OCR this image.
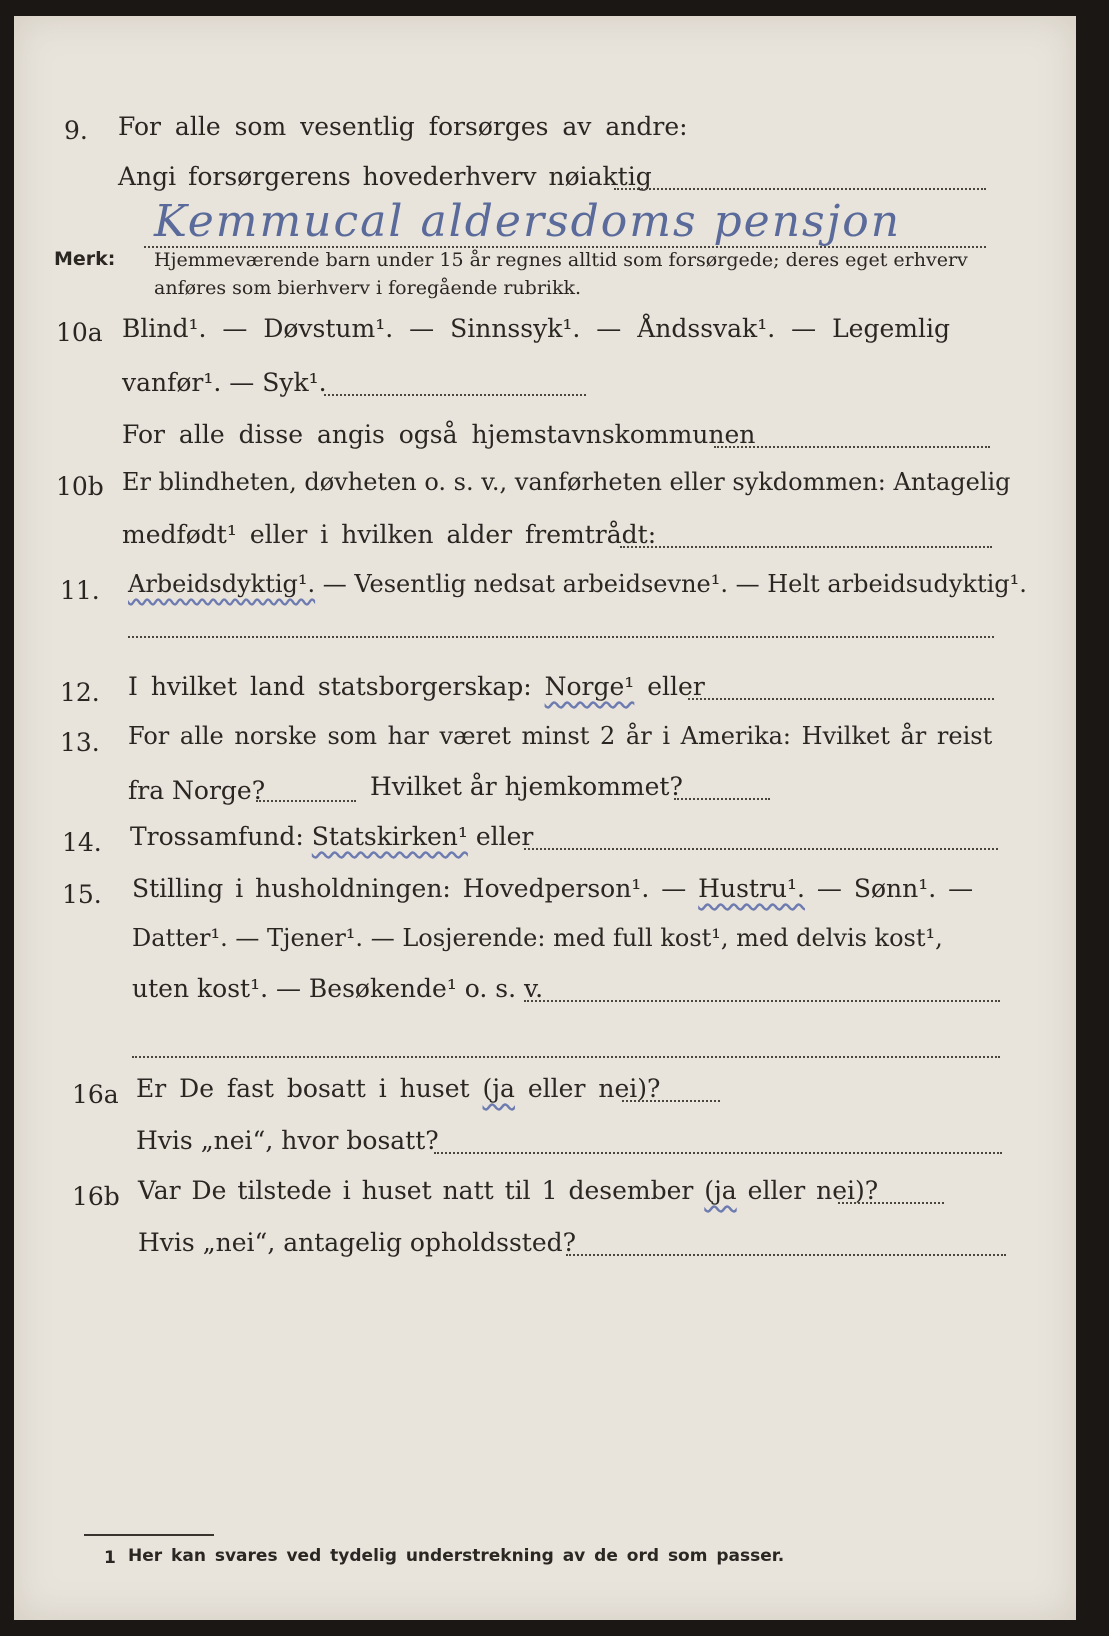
9. For alle som vesentlig forsørges av andre:
Angi forsørgerens hovederhverv nøiaktig
Kemmucal aldersdoms pensjon
Merk: Hjemmeværende barn under 15 år regnes alltid som forsørgede; deres eget erhverv
anføres som bierhverv i foregående rubrikk.
10a Blind¹. — Døvstum¹. — Sinnssyk¹. — Åndssvak¹. — Legemlig
vanfør¹. — Syk¹.
For alle disse angis også hjemstavnskommunen
10b Er blindheten, døvheten o. s. v., vanførheten eller sykdommen: Antagelig
medfødt¹ eller i hvilken alder fremtrådt:
11. Arbeidsdyktig¹. — Vesentlig nedsat arbeidsevne¹. — Helt arbeidsudyktig¹.
12. I hvilket land statsborgerskap: Norge¹ eller
13. For alle norske som har været minst 2 år i Amerika: Hvilket år reist
fra Norge?	Hvilket år hjemkommet?
14. Trossamfund: Statskirken¹ eller
15. Stilling i husholdningen: Hovedperson¹. — Hustru¹. — Sønn¹. —
Datter¹. — Tjener¹. — Losjerende: med full kost¹, med delvis kost¹,
uten kost¹. — Besøkende¹ o. s. v.
16a Er De fast bosatt i huset (ja eller nei)?
Hvis „nei“, hvor bosatt?
16b Var De tilstede i huset natt til 1 desember (ja eller nei)?
Hvis „nei“, antagelig opholdssted?
1 Her kan svares ved tydelig understrekning av de ord som passer.
